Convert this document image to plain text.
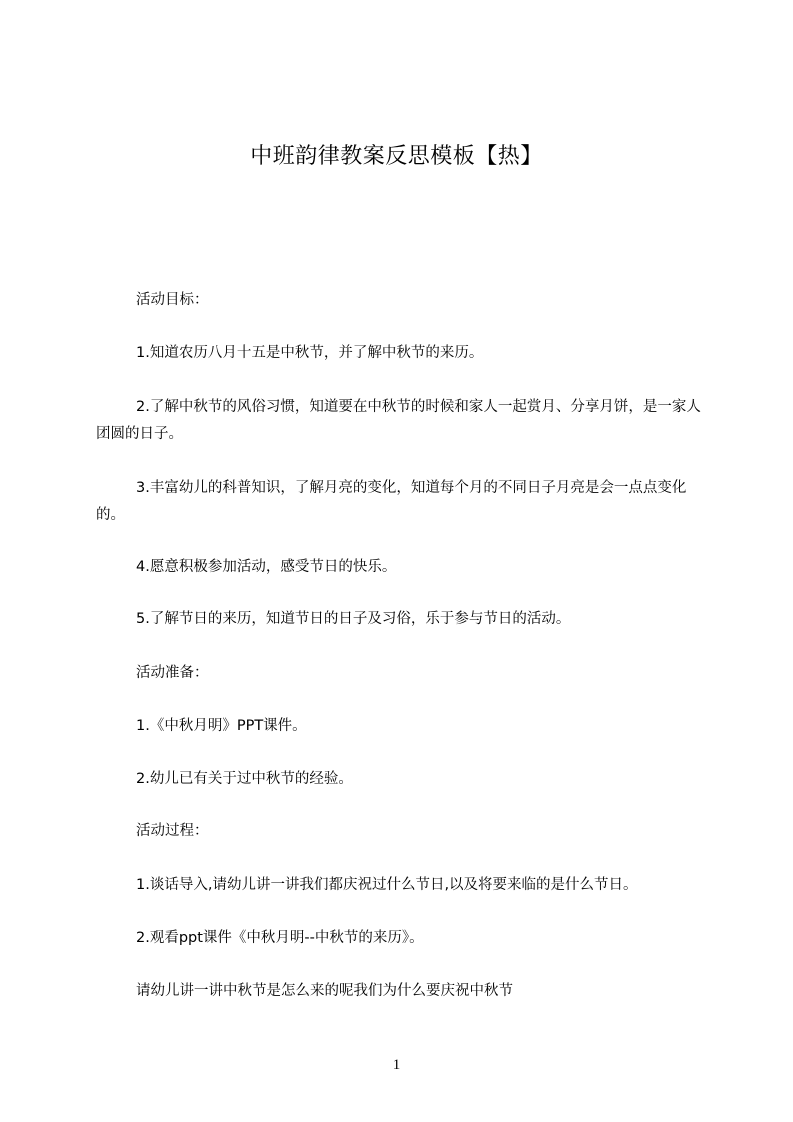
中班韵律教案反思模板【热】
活动目标：
1.知道农历八月十五是中秋节，并了解中秋节的来历。
2.了解中秋节的风俗习惯，知道要在中秋节的时候和家人一起赏月、分享月饼，是一家人团圆的日子。
3.丰富幼儿的科普知识，了解月亮的变化，知道每个月的不同日子月亮是会一点点变化的。
4.愿意积极参加活动，感受节日的快乐。
5.了解节日的来历，知道节日的日子及习俗，乐于参与节日的活动。
活动准备：
1.《中秋月明》PPT课件。
2.幼儿已有关于过中秋节的经验。
活动过程：
1.谈话导入,请幼儿讲一讲我们都庆祝过什么节日,以及将要来临的是什么节日。
2.观看ppt课件《中秋月明--中秋节的来历》。
请幼儿讲一讲中秋节是怎么来的呢我们为什么要庆祝中秋节
1
